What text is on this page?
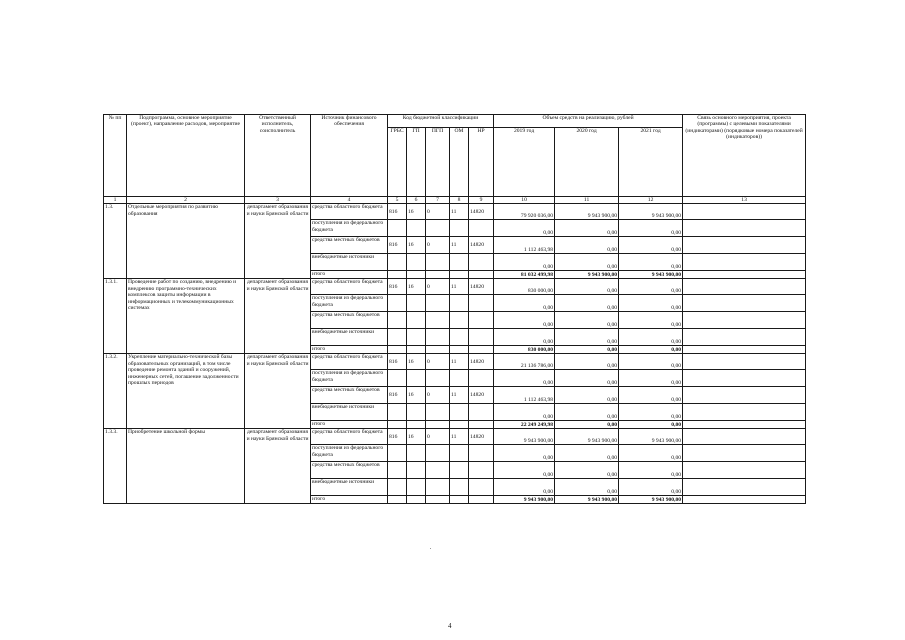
№ пп	Подпрограмма, основное мероприятие (проект), направление расходов, мероприятие	Ответственный исполнитель, соисполнитель	Источник финансового обеспечения	Код бюджетной классификации					Объем средств на реализацию, рублей			Связь основного мероприятия, проекта (программы) с целевыми показателями (индикаторами) (порядковые номера показателей (индикаторов))
				ГРБС	ГП	ПГП	ОМ	НР	2019 год	2020 год	2021 год	
1	2	3	4	5	6	7	8	9	10	11	12	13
1.3.	Отдельные мероприятия по развитию образования	департамент образования и науки Брянской области	средства областного бюджета	816	16	0	11	14820	79 920 036,00	9 943 900,00	9 943 900,00	
			поступления из федерального бюджета						0,00	0,00	0,00	
			средства местных бюджетов	816	16	0	11	14820	1 112 463,98	0,00	0,00	
			внебюджетные источники						0,00	0,00	0,00	
			итого						81 032 499,98	9 943 900,00	9 943 900,00	
1.3.1.	Проведение работ по созданию, внедрению и внедрению программно-технических комплексов защиты информации в информационных и телекоммуникационных системах	департамент образования и науки Брянской области	средства областного бюджета	816	16	0	11	14820	830 000,00	0,00	0,00	
			поступления из федерального бюджета						0,00	0,00	0,00	
			средства местных бюджетов						0,00	0,00	0,00	
			внебюджетные источники						0,00	0,00	0,00	
			итого						830 000,00	0,00	0,00	
1.3.2.	Укрепление материально-технической базы образовательных организаций, в том числе проведение ремонта зданий и сооружений, инженерных сетей, погашение задолженности прошлых периодов	департамент образования и науки Брянской области	средства областного бюджета	816	16	0	11	14820	21 136 786,00	0,00	0,00	
			поступления из федерального бюджета						0,00	0,00	0,00	
			средства местных бюджетов	816	16	0	11	14820	1 112 463,98	0,00	0,00	
			внебюджетные источники						0,00	0,00	0,00	
			итого						22 249 249,98	0,00	0,00	
1.3.3.	Приобретение школьной формы	департамент образования и науки Брянской области	средства областного бюджета	816	16	0	11	14820	9 943 900,00	9 943 900,00	9 943 900,00	
			поступления из федерального бюджета						0,00	0,00	0,00	
			средства местных бюджетов						0,00	0,00	0,00	
			внебюджетные источники						0,00	0,00	0,00	
			итого						9 943 900,00	9 943 900,00	9 943 900,00	
4
